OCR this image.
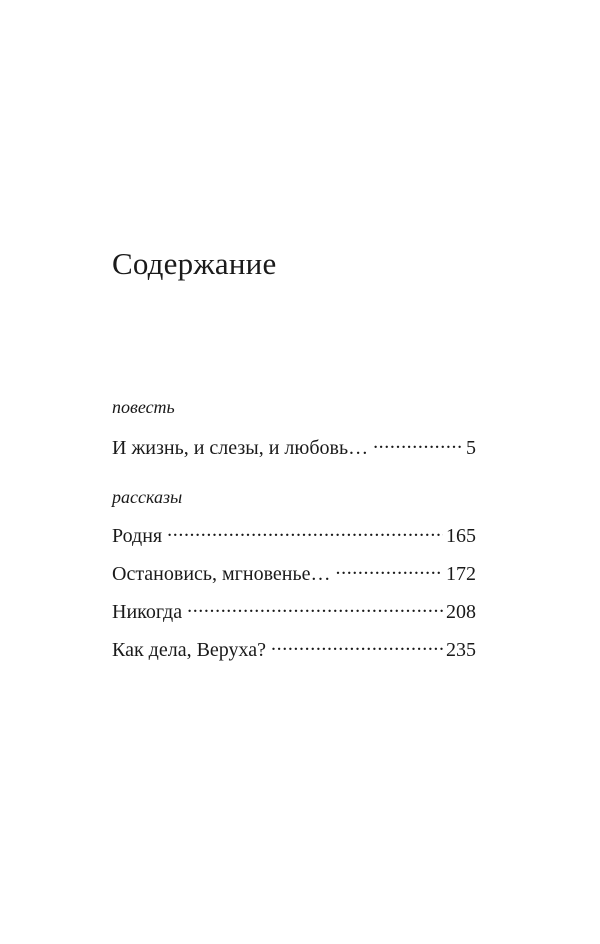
Содержание
повесть
И жизнь, и слезы, и любовь… .....	5
рассказы
Родня .....	165
Остановись, мгновенье… .....	172
Никогда .....	208
Как дела, Веруха? .....	235
